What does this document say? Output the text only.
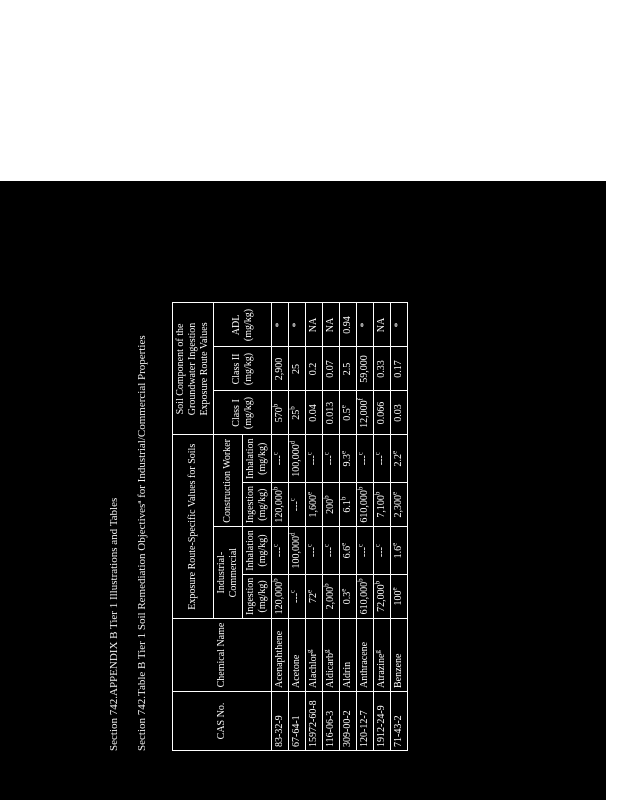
Section 742.APPENDIX B Tier 1 Illustrations and Tables Section 742.Table B Tier 1 Soil Remediation Objectivesª for Industrial/Commercial Properties	CAS No.	Chemical Name	Exposure Route-Specific Values for Soils				Soil Component of the Groundwater Ingestion Exposure Route Values		
		Industrial-Commercial		Construction Worker		Class I (mg/kg)	Class II (mg/kg)	ADL (mg/kg)
		Ingestion (mg/kg)	Inhalation (mg/kg)	Ingestion (mg/kg)	Inhalation (mg/kg)			
83-32-9	Acenaphthene	120,000$^b$	---$^c$	120,000$^b$	---$^c$	570$^b$	2,900	*
67-64-1	Acetone	---$^c$	100,000$^d$	---$^c$	100,000$^d$	25$^b$	25	*
15972-60-8	Alachlor$^g$	72e	---$^c$	1,600e	---$^c$	0.04	0.2	NA
116-06-3	Aldicarb$^g$	2,000$^b$	---$^c$	200$^b$	---$^c$	0.013	0.07	NA
309-00-2	Aldrin	0.3e	6.6e	6.1$^b$	9.3e	0.5e	2.5	0.94
120-12-7	Anthracene	610,000$^b$	---$^c$	610,000$^b$	---$^c$	12,000$^f$	59,000	*
1912-24-9	Atrazine$^g$	72,000$^b$	---$^c$	7,100$^b$	---$^c$	0.066	0.33	NA
71-43-2	Benzene	100e	1.6e	2,300e	2.2e	0.03	0.17	*
